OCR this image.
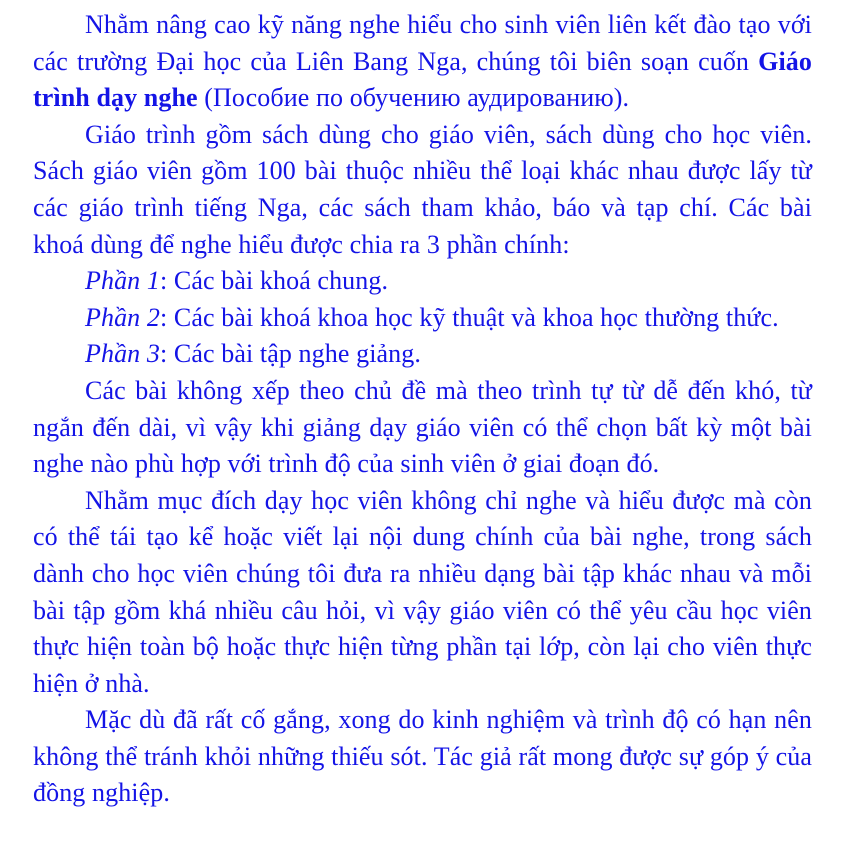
Nhằm nâng cao kỹ năng nghe hiểu cho sinh viên liên kết đào tạo với các trường Đại học của Liên Bang Nga, chúng tôi biên soạn cuốn Giáo trình dạy nghe (Пособие по обучению аудированию).

Giáo trình gồm sách dùng cho giáo viên, sách dùng cho học viên. Sách giáo viên gồm 100 bài thuộc nhiều thể loại khác nhau được lấy từ các giáo trình tiếng Nga, các sách tham khảo, báo và tạp chí. Các bài khoá dùng để nghe hiểu được chia ra 3 phần chính:

Phần 1: Các bài khoá chung.

Phần 2: Các bài khoá khoa học kỹ thuật và khoa học thường thức.

Phần 3: Các bài tập nghe giảng.

Các bài không xếp theo chủ đề mà theo trình tự từ dễ đến khó, từ ngắn đến dài, vì vậy khi giảng dạy giáo viên có thể chọn bất kỳ một bài nghe nào phù hợp với trình độ của sinh viên ở giai đoạn đó.

Nhằm mục đích dạy học viên không chỉ nghe và hiểu được mà còn có thể tái tạo kể hoặc viết lại nội dung chính của bài nghe, trong sách dành cho học viên chúng tôi đưa ra nhiều dạng bài tập khác nhau và mỗi bài tập gồm khá nhiều câu hỏi, vì vậy giáo viên có thể yêu cầu học viên thực hiện toàn bộ hoặc thực hiện từng phần tại lớp, còn lại cho viên thực hiện ở nhà.

Mặc dù đã rất cố gắng, xong do kinh nghiệm và trình độ có hạn nên không thể tránh khỏi những thiếu sót. Tác giả rất mong được sự góp ý của đồng nghiệp.
